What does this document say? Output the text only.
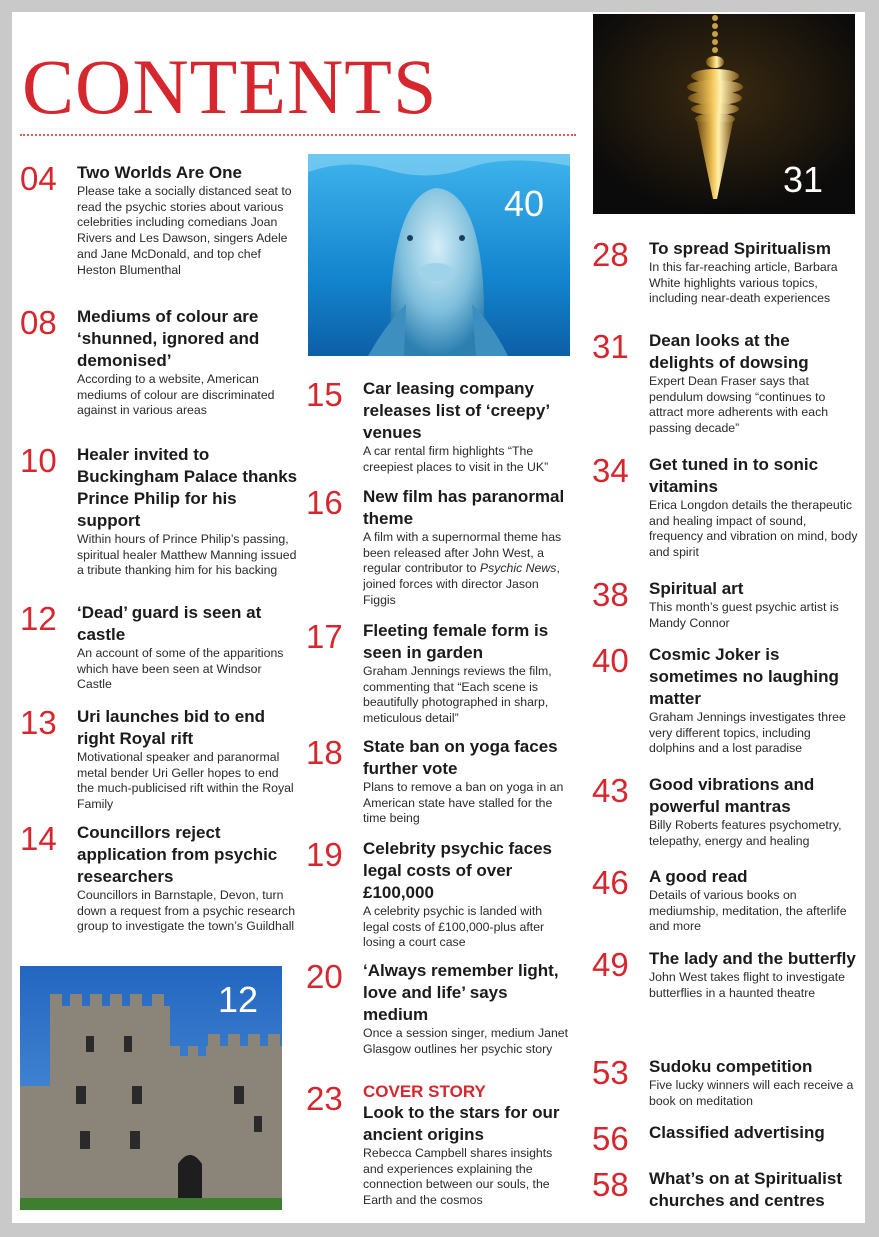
CONTENTS
31
40
12
04 Two Worlds Are One
Please take a socially distanced seat to read the psychic stories about various celebrities including comedians Joan Rivers and Les Dawson, singers Adele and Jane McDonald, and top chef Heston Blumenthal
08 Mediums of colour are ‘shunned, ignored and demonised’
According to a website, American mediums of colour are discriminated against in various areas
10 Healer invited to Buckingham Palace thanks Prince Philip for his support
Within hours of Prince Philip’s passing, spiritual healer Matthew Manning issued a tribute thanking him for his backing
12 ‘Dead’ guard is seen at castle
An account of some of the apparitions which have been seen at Windsor Castle
13 Uri launches bid to end right Royal rift
Motivational speaker and paranormal metal bender Uri Geller hopes to end the much-publicised rift within the Royal Family
14 Councillors reject application from psychic researchers
Councillors in Barnstaple, Devon, turn down a request from a psychic research group to investigate the town’s Guildhall
15 Car leasing company releases list of ‘creepy’ venues
A car rental firm highlights “The creepiest places to visit in the UK”
16 New film has paranormal theme
A film with a supernormal theme has been released after John West, a regular contributor to Psychic News, joined forces with director Jason Figgis
17 Fleeting female form is seen in garden
Graham Jennings reviews the film, commenting that “Each scene is beautifully photographed in sharp, meticulous detail”
18 State ban on yoga faces further vote
Plans to remove a ban on yoga in an American state have stalled for the time being
19 Celebrity psychic faces legal costs of over £100,000
A celebrity psychic is landed with legal costs of £100,000-plus after losing a court case
20 ‘Always remember light, love and life’ says medium
Once a session singer, medium Janet Glasgow outlines her psychic story
23 COVER STORY
Look to the stars for our ancient origins
Rebecca Campbell shares insights and experiences explaining the connection between our souls, the Earth and the cosmos
28 To spread Spiritualism
In this far-reaching article, Barbara White highlights various topics, including near-death experiences
31 Dean looks at the delights of dowsing
Expert Dean Fraser says that pendulum dowsing “continues to attract more adherents with each passing decade”
34 Get tuned in to sonic vitamins
Erica Longdon details the therapeutic and healing impact of sound, frequency and vibration on mind, body and spirit
38 Spiritual art
This month’s guest psychic artist is Mandy Connor
40 Cosmic Joker is sometimes no laughing matter
Graham Jennings investigates three very different topics, including dolphins and a lost paradise
43 Good vibrations and powerful mantras
Billy Roberts features psychometry, telepathy, energy and healing
46 A good read
Details of various books on mediumship, meditation, the afterlife and more
49 The lady and the butterfly
John West takes flight to investigate butterflies in a haunted theatre
53 Sudoku competition
Five lucky winners will each receive a book on meditation
56 Classified advertising
58 What’s on at Spiritualist churches and centres
